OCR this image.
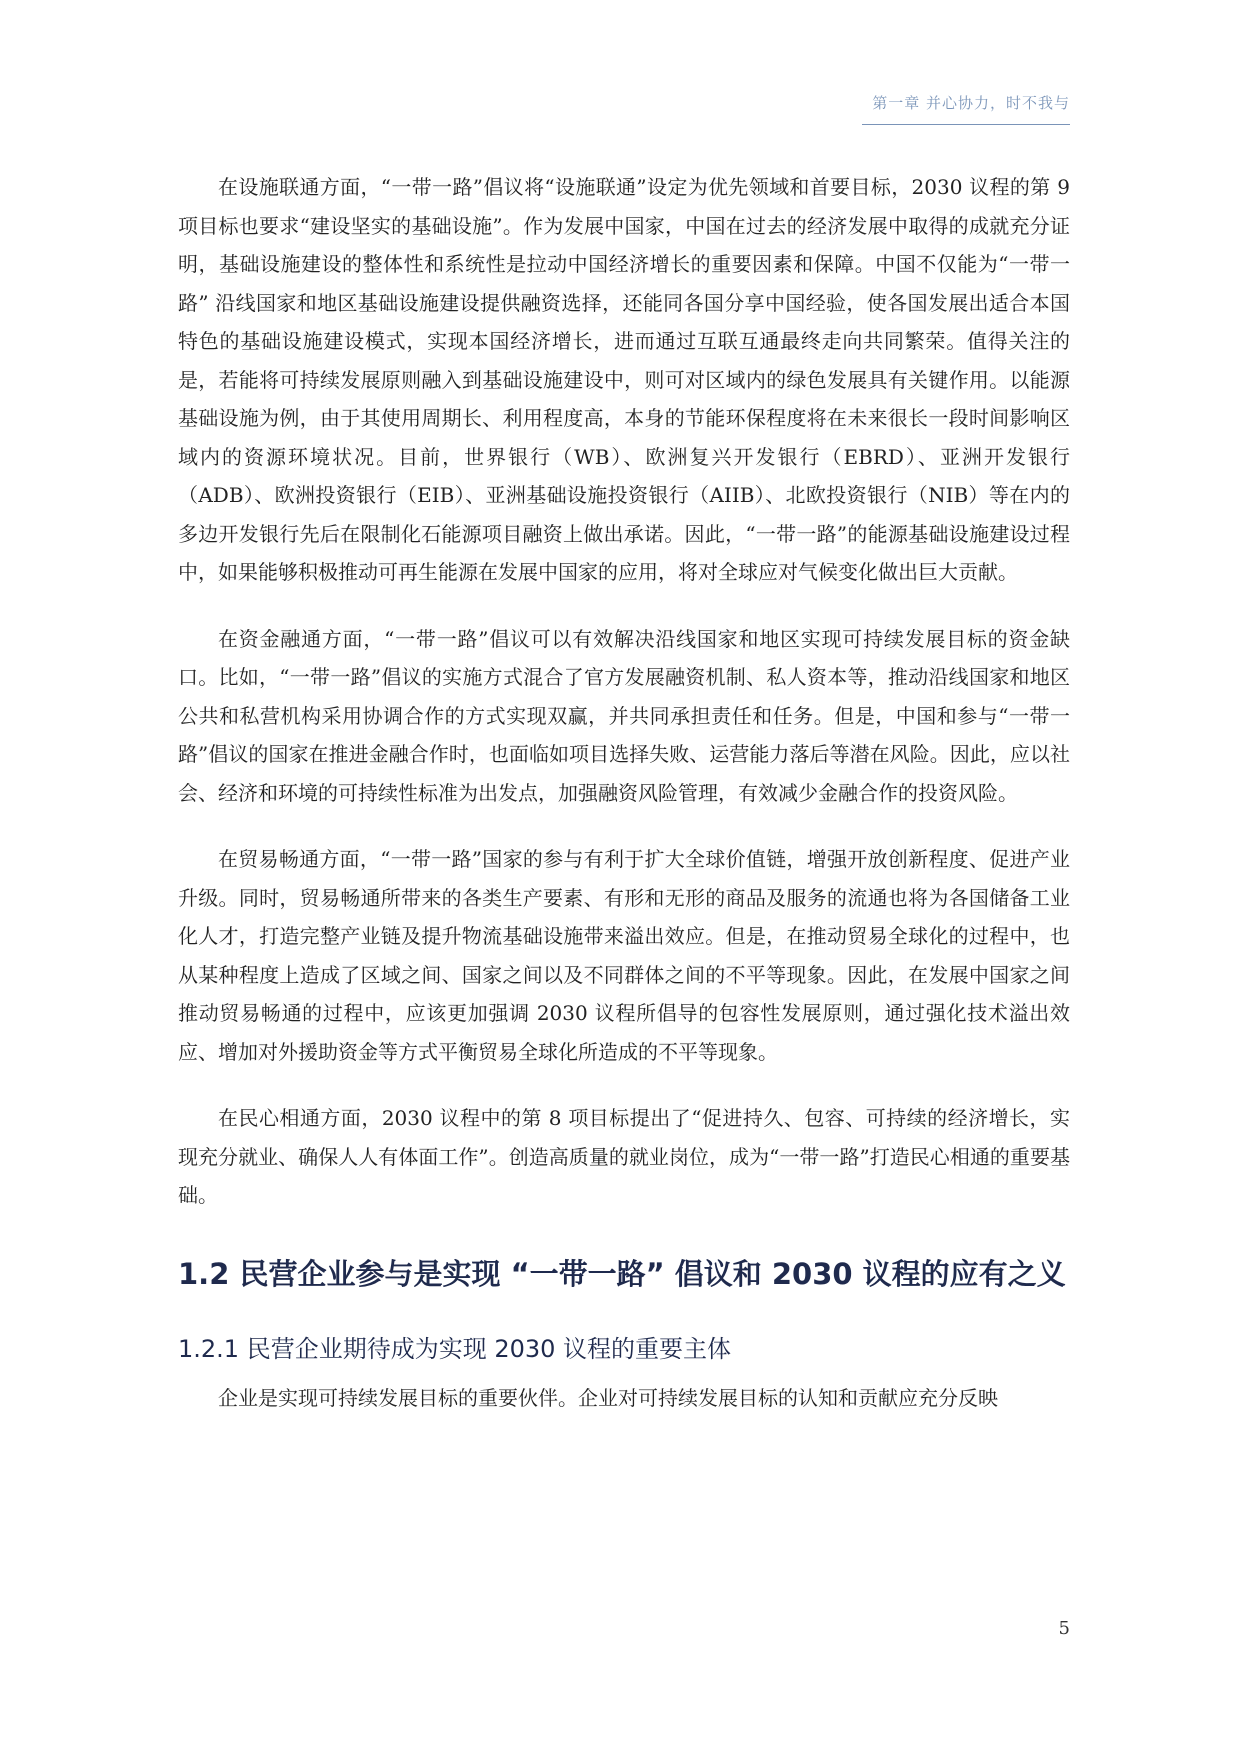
第一章 并心协力，时不我与

在设施联通方面，“一带一路”倡议将“设施联通”设定为优先领域和首要目标，2030 议程的第 9 项目标也要求“建设坚实的基础设施”。作为发展中国家，中国在过去的经济发展中取得的成就充分证明，基础设施建设的整体性和系统性是拉动中国经济增长的重要因素和保障。中国不仅能为“一带一路” 沿线国家和地区基础设施建设提供融资选择，还能同各国分享中国经验，使各国发展出适合本国特色的基础设施建设模式，实现本国经济增长，进而通过互联互通最终走向共同繁荣。值得关注的是，若能将可持续发展原则融入到基础设施建设中，则可对区域内的绿色发展具有关键作用。以能源基础设施为例，由于其使用周期长、利用程度高，本身的节能环保程度将在未来很长一段时间影响区域内的资源环境状况。目前，世界银行（WB）、欧洲复兴开发银行（EBRD）、亚洲开发银行（ADB）、欧洲投资银行（EIB）、亚洲基础设施投资银行（AIIB）、北欧投资银行（NIB）等在内的多边开发银行先后在限制化石能源项目融资上做出承诺。因此，“一带一路”的能源基础设施建设过程中，如果能够积极推动可再生能源在发展中国家的应用，将对全球应对气候变化做出巨大贡献。

在资金融通方面，“一带一路”倡议可以有效解决沿线国家和地区实现可持续发展目标的资金缺口。比如，“一带一路”倡议的实施方式混合了官方发展融资机制、私人资本等，推动沿线国家和地区公共和私营机构采用协调合作的方式实现双赢，并共同承担责任和任务。但是，中国和参与“一带一路”倡议的国家在推进金融合作时，也面临如项目选择失败、运营能力落后等潜在风险。因此，应以社会、经济和环境的可持续性标准为出发点，加强融资风险管理，有效减少金融合作的投资风险。

在贸易畅通方面，“一带一路”国家的参与有利于扩大全球价值链，增强开放创新程度、促进产业升级。同时，贸易畅通所带来的各类生产要素、有形和无形的商品及服务的流通也将为各国储备工业化人才，打造完整产业链及提升物流基础设施带来溢出效应。但是，在推动贸易全球化的过程中，也从某种程度上造成了区域之间、国家之间以及不同群体之间的不平等现象。因此，在发展中国家之间推动贸易畅通的过程中，应该更加强调 2030 议程所倡导的包容性发展原则，通过强化技术溢出效应、增加对外援助资金等方式平衡贸易全球化所造成的不平等现象。

在民心相通方面，2030 议程中的第 8 项目标提出了“促进持久、包容、可持续的经济增长，实现充分就业、确保人人有体面工作”。创造高质量的就业岗位，成为“一带一路”打造民心相通的重要基础。

1.2 民营企业参与是实现 “一带一路” 倡议和 2030 议程的应有之义
1.2.1 民营企业期待成为实现 2030 议程的重要主体

企业是实现可持续发展目标的重要伙伴。企业对可持续发展目标的认知和贡献应充分反映

5
